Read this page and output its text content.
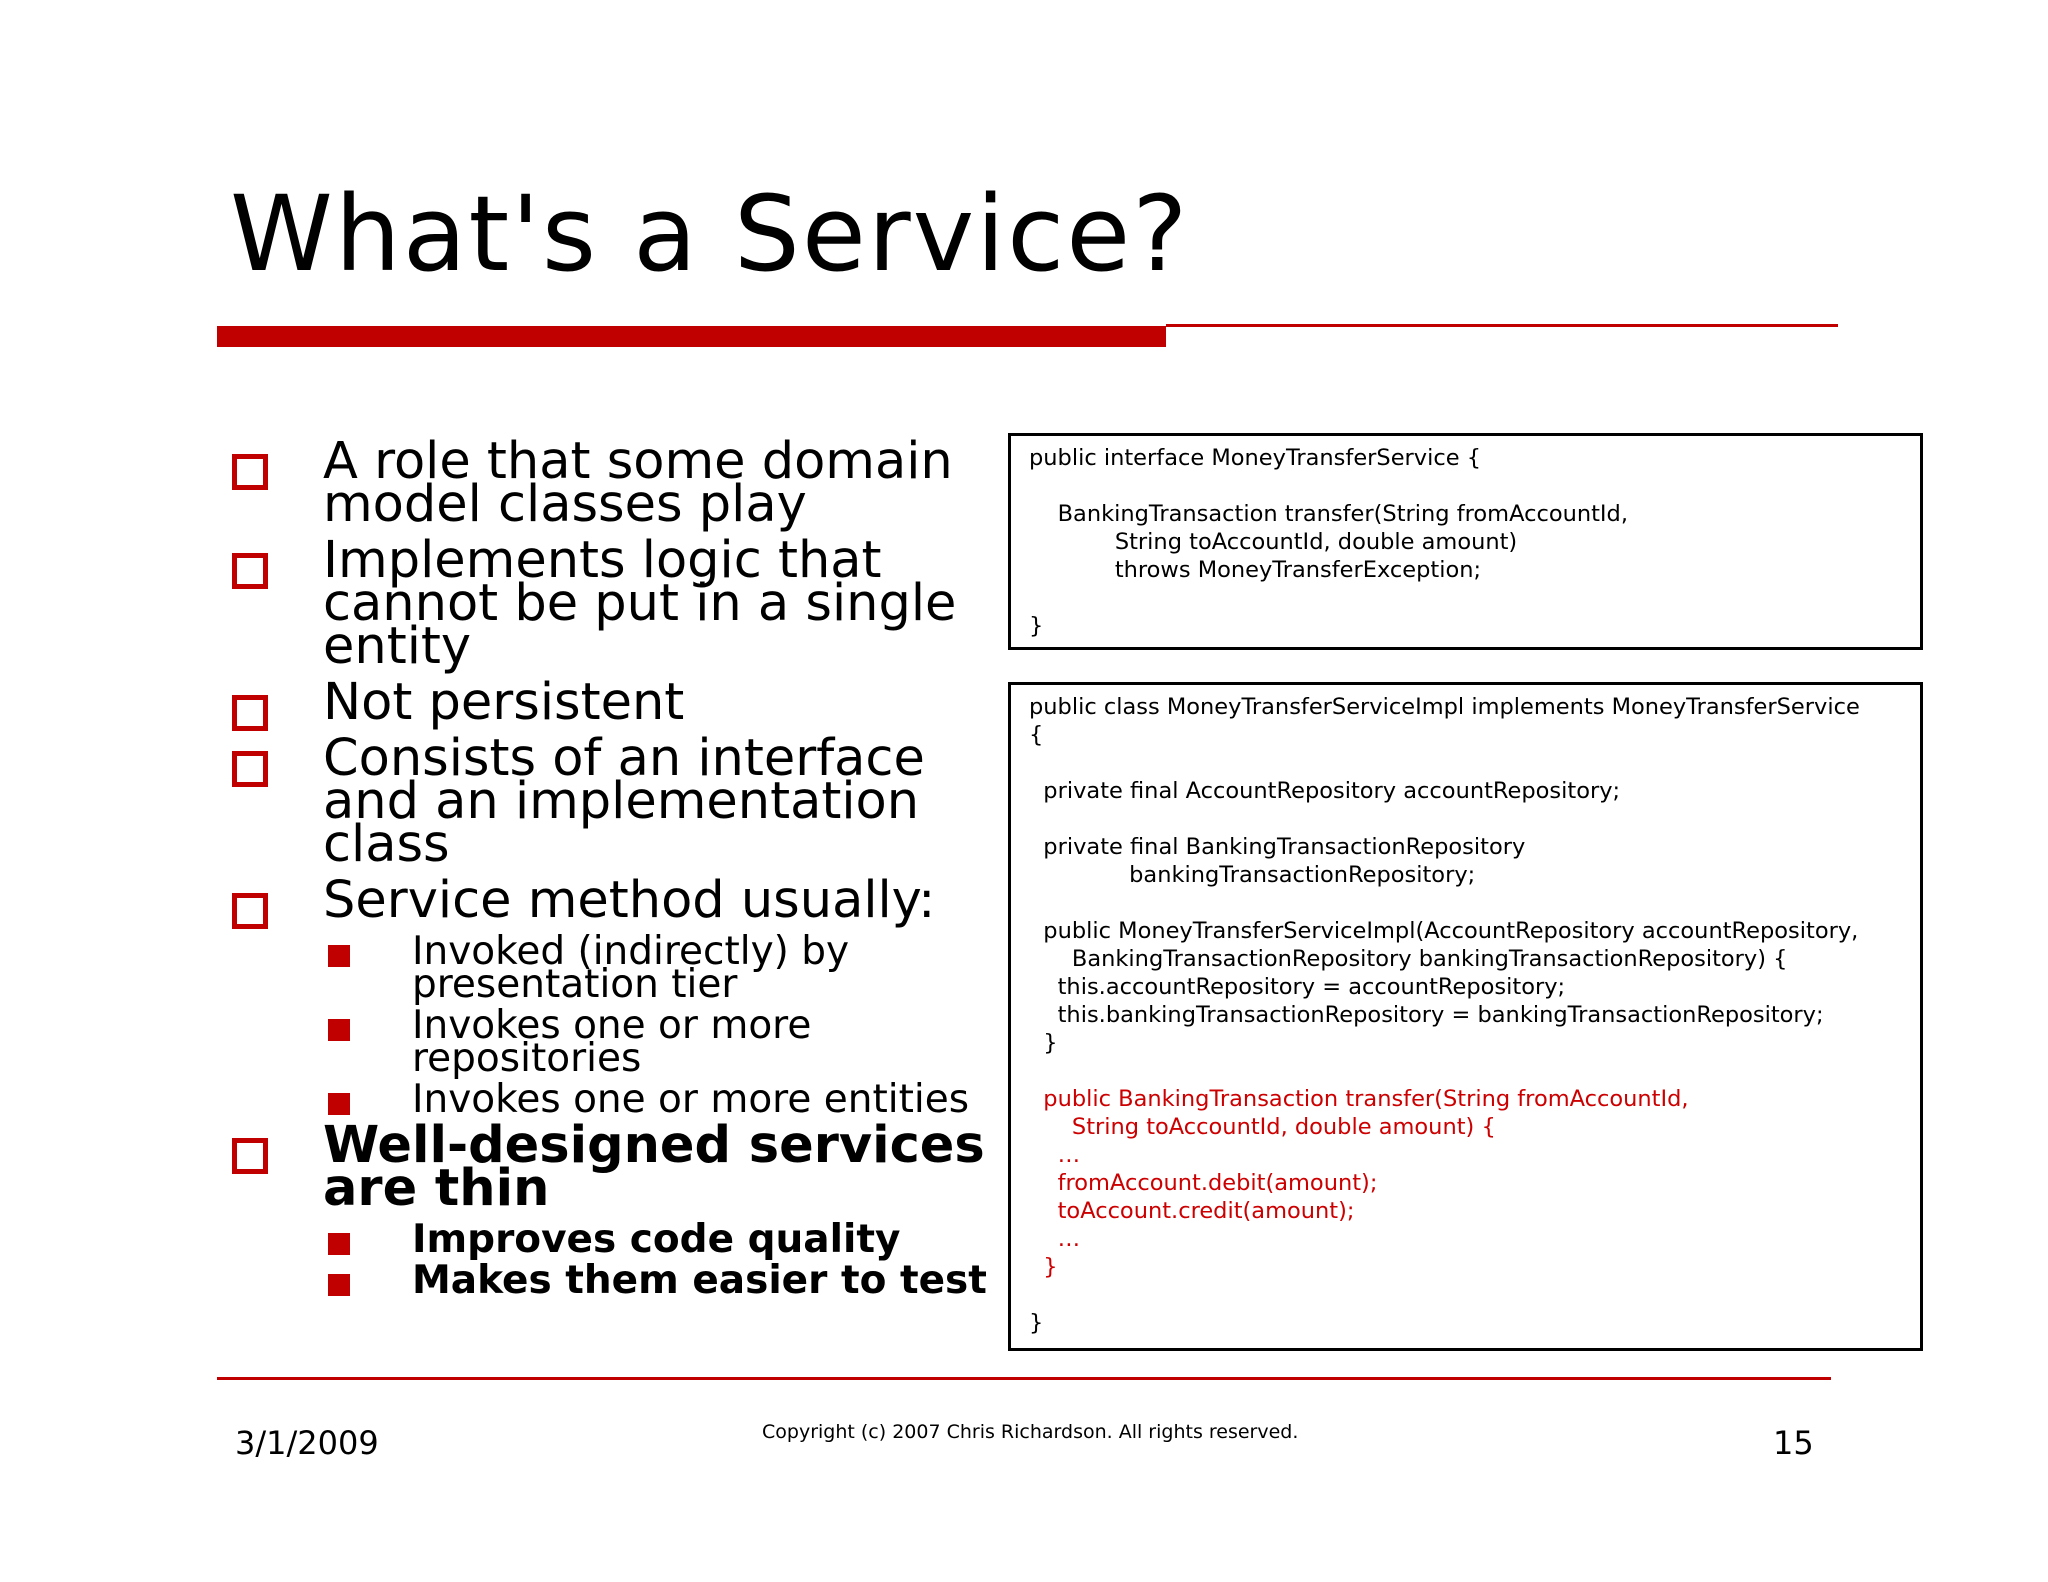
What's a Service?
A role that some domain
model classes play
Implements logic that
cannot be put in a single
entity
Not persistent
Consists of an interface
and an implementation
class
Service method usually:
Invoked (indirectly) by
presentation tier
Invokes one or more
repositories
Invokes one or more entities
Well-designed services
are thin
Improves code quality
Makes them easier to test
public interface MoneyTransferService {
BankingTransaction transfer(String fromAccountId,
String toAccountId, double amount)
throws MoneyTransferException;
}
public class MoneyTransferServiceImpl implements MoneyTransferService
{
private final AccountRepository accountRepository;
private final BankingTransactionRepository
bankingTransactionRepository;
public MoneyTransferServiceImpl(AccountRepository accountRepository,
BankingTransactionRepository bankingTransactionRepository) {
this.accountRepository = accountRepository;
this.bankingTransactionRepository = bankingTransactionRepository;
}
public BankingTransaction transfer(String fromAccountId,
String toAccountId, double amount) {
…
fromAccount.debit(amount);
toAccount.credit(amount);
…
}
}
3/1/2009	Copyright (c) 2007 Chris Richardson. All rights reserved.	15
